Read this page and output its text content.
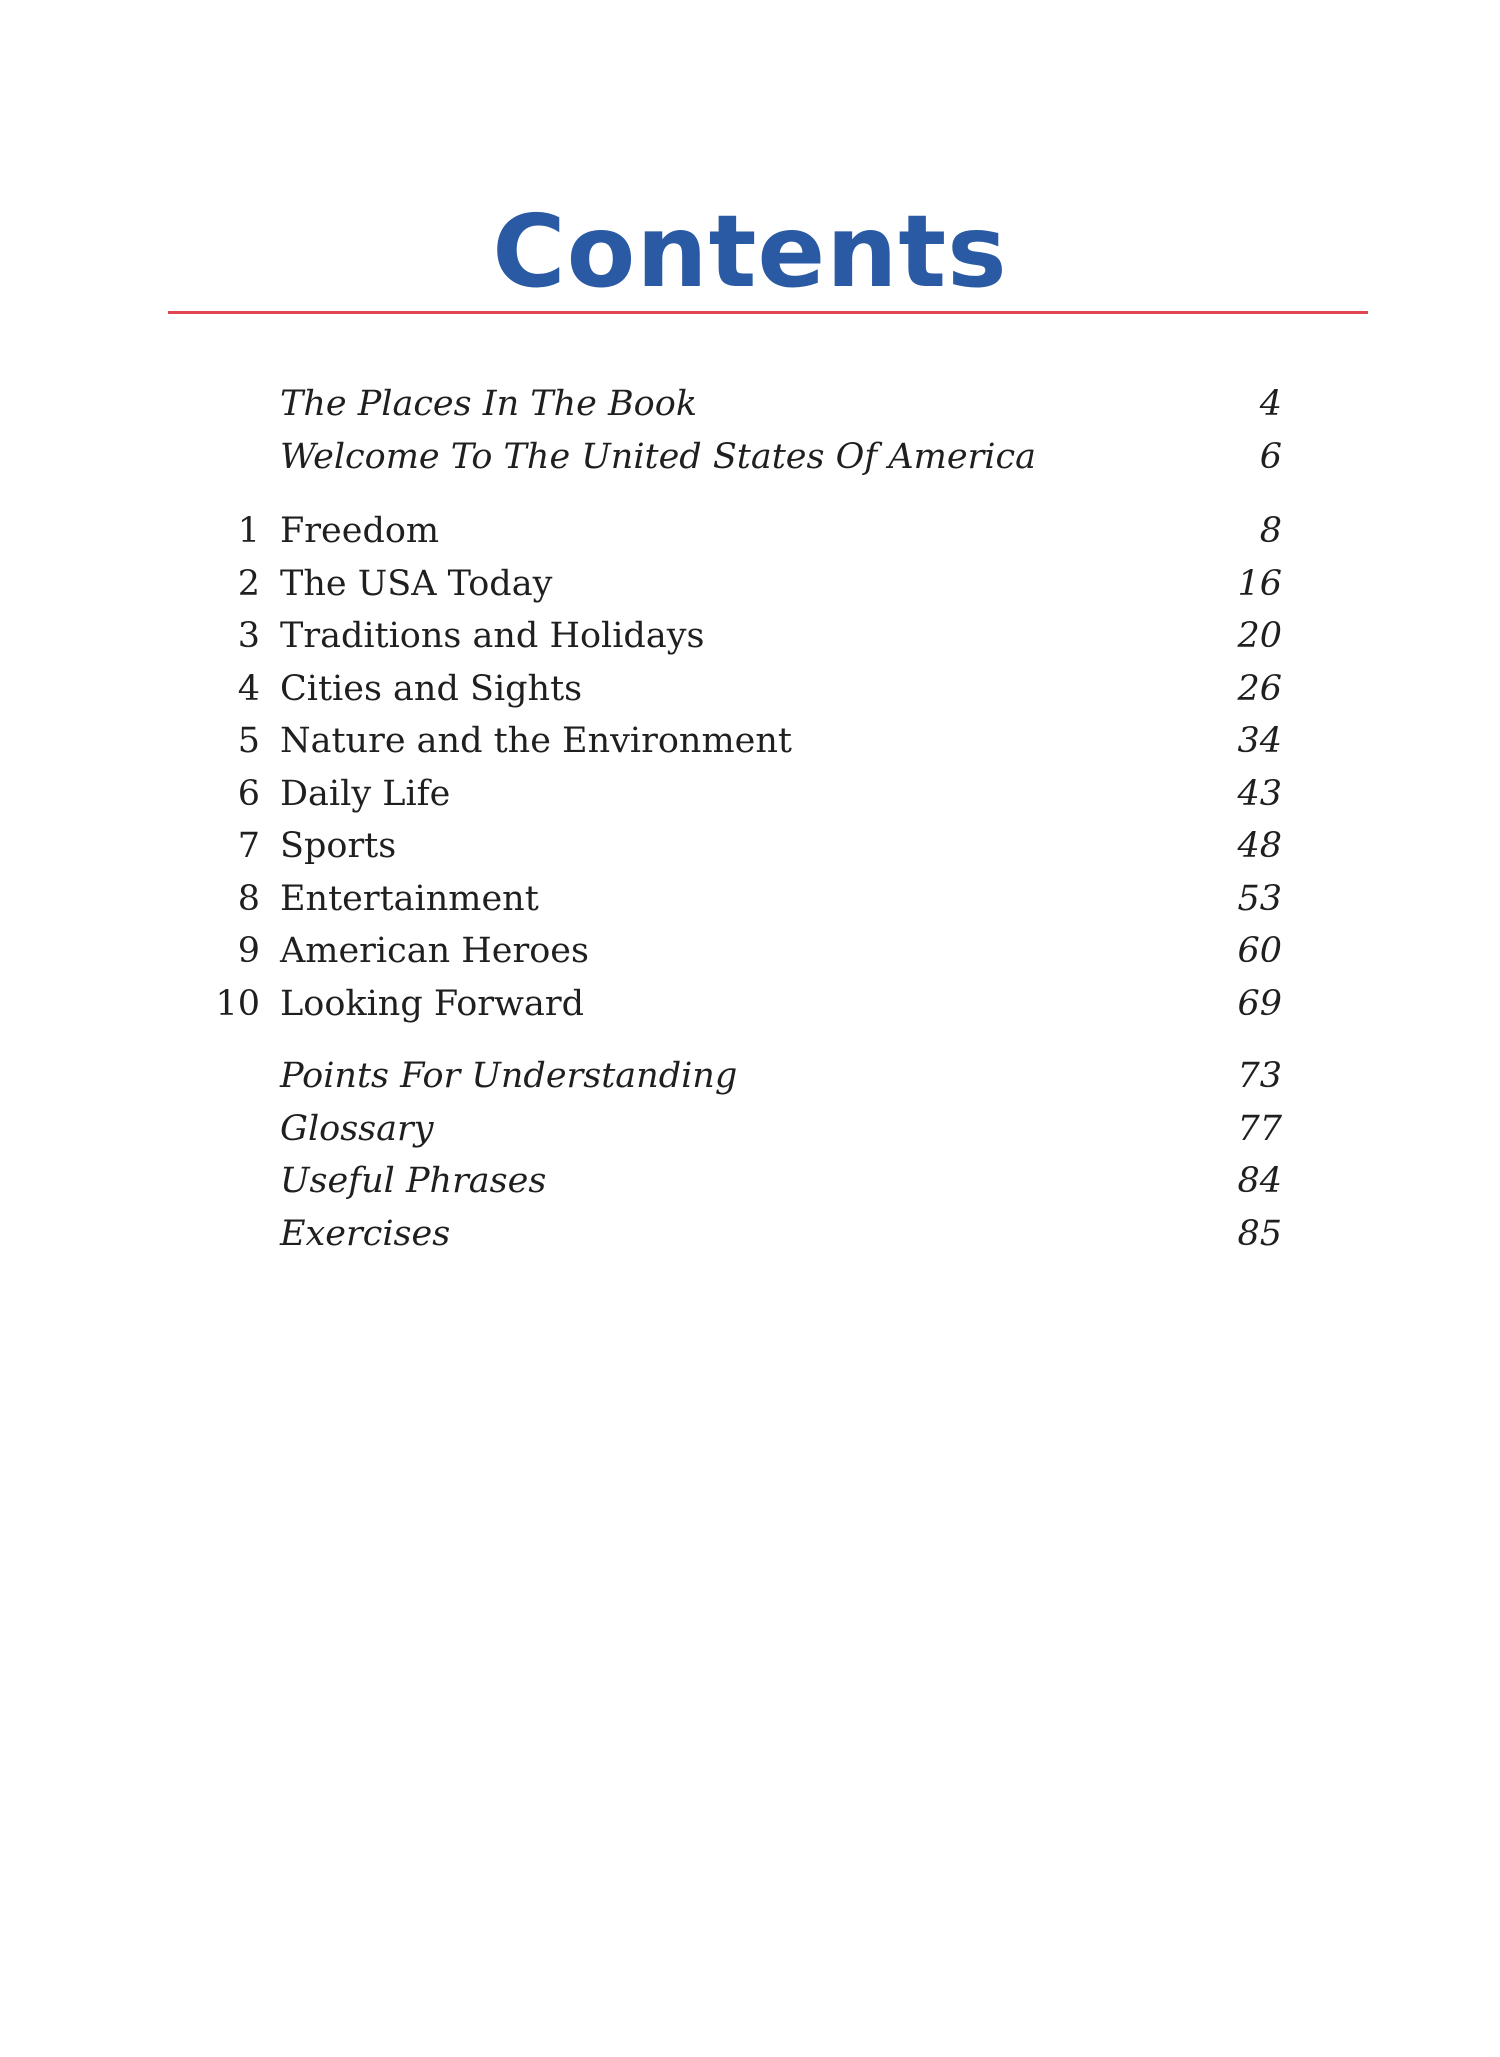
Contents
The Places In The Book	4
Welcome To The United States Of America	6
1 Freedom	8
2 The USA Today	16
3 Traditions and Holidays	20
4 Cities and Sights	26
5 Nature and the Environment	34
6 Daily Life	43
7 Sports	48
8 Entertainment	53
9 American Heroes	60
10 Looking Forward	69
Points For Understanding	73
Glossary	77
Useful Phrases	84
Exercises	85
